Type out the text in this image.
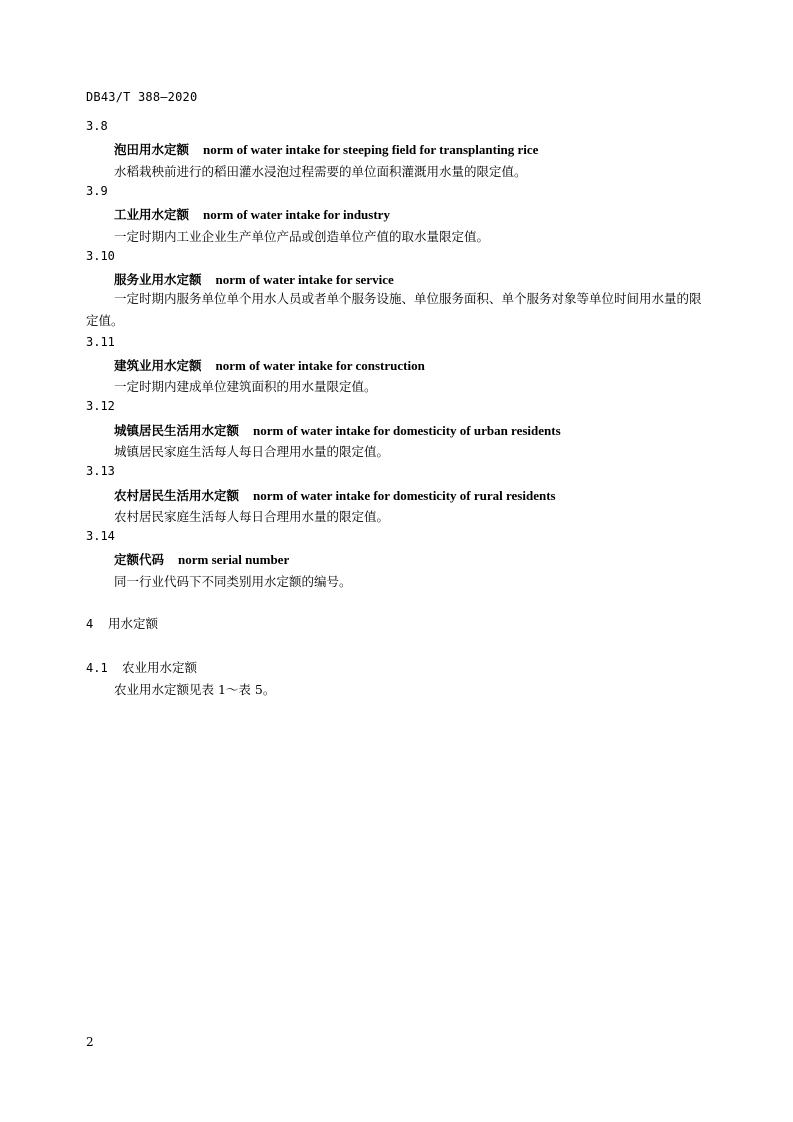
DB43/T 388—2020
3.8
泡田用水定额 norm of water intake for steeping field for transplanting rice
水稻栽秧前进行的稻田灌水浸泡过程需要的单位面积灌溉用水量的限定值。
3.9
工业用水定额 norm of water intake for industry
一定时期内工业企业生产单位产品或创造单位产值的取水量限定值。
3.10
服务业用水定额 norm of water intake for service
一定时期内服务单位单个用水人员或者单个服务设施、单位服务面积、单个服务对象等单位时间用水量的限定值。
3.11
建筑业用水定额 norm of water intake for construction
一定时期内建成单位建筑面积的用水量限定值。
3.12
城镇居民生活用水定额 norm of water intake for domesticity of urban residents
城镇居民家庭生活每人每日合理用水量的限定值。
3.13
农村居民生活用水定额 norm of water intake for domesticity of rural residents
农村居民家庭生活每人每日合理用水量的限定值。
3.14
定额代码 norm serial number
同一行业代码下不同类别用水定额的编号。
4 用水定额
4.1 农业用水定额
农业用水定额见表 1～表 5。
2
